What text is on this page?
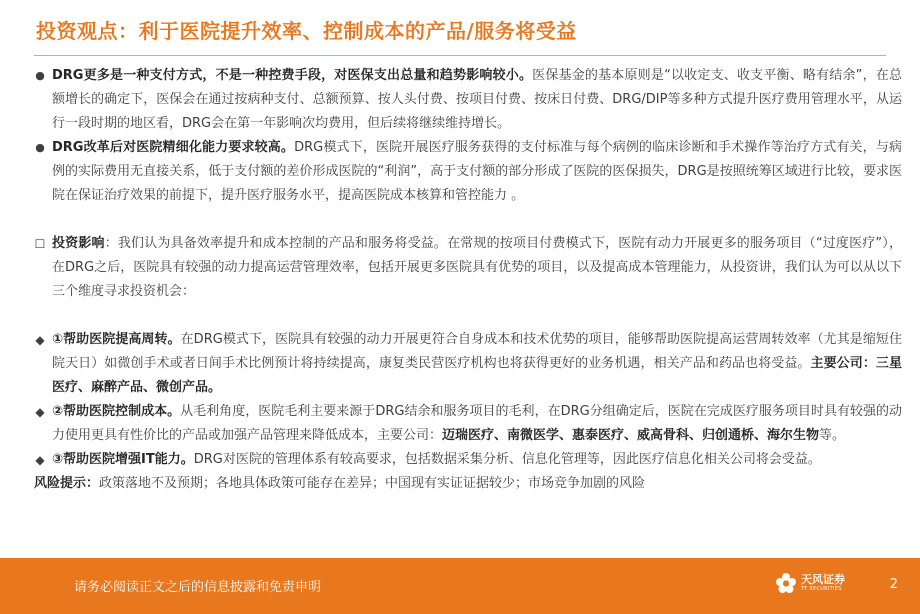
投资观点：利于医院提升效率、控制成本的产品/服务将受益
● DRG更多是一种支付方式，不是一种控费手段，对医保支出总量和趋势影响较小。医保基金的基本原则是“以收定支、收支平衡、略有结余”，在总额增长的确定下，医保会在通过按病种支付、总额预算、按人头付费、按项目付费、按床日付费、DRG/DIP等多种方式提升医疗费用管理水平，从运行一段时期的地区看，DRG会在第一年影响次均费用，但后续将继续维持增长。
● DRG改革后对医院精细化能力要求较高。DRG模式下，医院开展医疗服务获得的支付标准与每个病例的临床诊断和手术操作等治疗方式有关，与病例的实际费用无直接关系，低于支付额的差价形成医院的“利润”，高于支付额的部分形成了医院的医保损失，DRG是按照统筹区域进行比较，要求医院在保证治疗效果的前提下，提升医疗服务水平，提高医院成本核算和管控能力 。
☐ 投资影响：我们认为具备效率提升和成本控制的产品和服务将受益。在常规的按项目付费模式下，医院有动力开展更多的服务项目（“过度医疗”），在DRG之后，医院具有较强的动力提高运营管理效率，包括开展更多医院具有优势的项目，以及提高成本管理能力，从投资讲，我们认为可以从以下三个维度寻求投资机会：
◆ ①帮助医院提高周转。在DRG模式下，医院具有较强的动力开展更符合自身成本和技术优势的项目，能够帮助医院提高运营周转效率（尤其是缩短住院天日）如微创手术或者日间手术比例预计将持续提高，康复类民营医疗机构也将获得更好的业务机遇，相关产品和药品也将受益。主要公司：三星医疗、麻醉产品、微创产品。
◆ ②帮助医院控制成本。从毛利角度，医院毛利主要来源于DRG结余和服务项目的毛利，在DRG分组确定后，医院在完成医疗服务项目时具有较强的动力使用更具有性价比的产品或加强产品管理来降低成本，主要公司：迈瑞医疗、南微医学、惠泰医疗、威高骨科、归创通桥、海尔生物等。
◆ ③帮助医院增强IT能力。DRG对医院的管理体系有较高要求，包括数据采集分析、信息化管理等，因此医疗信息化相关公司将会受益。
风险提示：政策落地不及预期；各地具体政策可能存在差异；中国现有实证证据较少；市场竞争加剧的风险
请务必阅读正文之后的信息披露和免责申明
天风证券
TF SECURITIES	2
